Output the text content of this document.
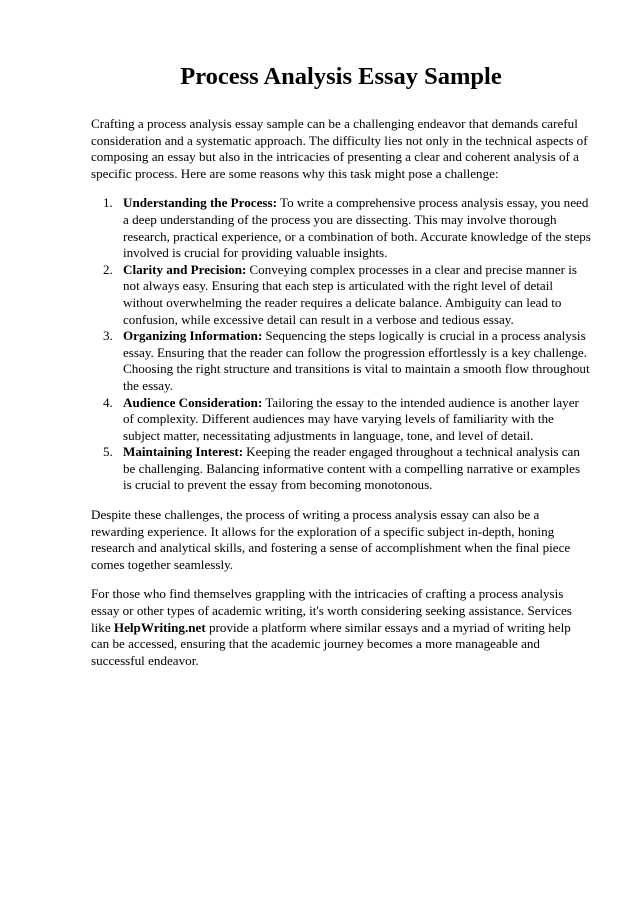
Process Analysis Essay Sample

Crafting a process analysis essay sample can be a challenging endeavor that demands careful consideration and a systematic approach. The difficulty lies not only in the technical aspects of composing an essay but also in the intricacies of presenting a clear and coherent analysis of a specific process. Here are some reasons why this task might pose a challenge:

1. Understanding the Process: To write a comprehensive process analysis essay, you need a deep understanding of the process you are dissecting. This may involve thorough research, practical experience, or a combination of both. Accurate knowledge of the steps involved is crucial for providing valuable insights.
2. Clarity and Precision: Conveying complex processes in a clear and precise manner is not always easy. Ensuring that each step is articulated with the right level of detail without overwhelming the reader requires a delicate balance. Ambiguity can lead to confusion, while excessive detail can result in a verbose and tedious essay.
3. Organizing Information: Sequencing the steps logically is crucial in a process analysis essay. Ensuring that the reader can follow the progression effortlessly is a key challenge. Choosing the right structure and transitions is vital to maintain a smooth flow throughout the essay.
4. Audience Consideration: Tailoring the essay to the intended audience is another layer of complexity. Different audiences may have varying levels of familiarity with the subject matter, necessitating adjustments in language, tone, and level of detail.
5. Maintaining Interest: Keeping the reader engaged throughout a technical analysis can be challenging. Balancing informative content with a compelling narrative or examples is crucial to prevent the essay from becoming monotonous.

Despite these challenges, the process of writing a process analysis essay can also be a rewarding experience. It allows for the exploration of a specific subject in-depth, honing research and analytical skills, and fostering a sense of accomplishment when the final piece comes together seamlessly.

For those who find themselves grappling with the intricacies of crafting a process analysis essay or other types of academic writing, it's worth considering seeking assistance. Services like HelpWriting.net provide a platform where similar essays and a myriad of writing help can be accessed, ensuring that the academic journey becomes a more manageable and successful endeavor.
